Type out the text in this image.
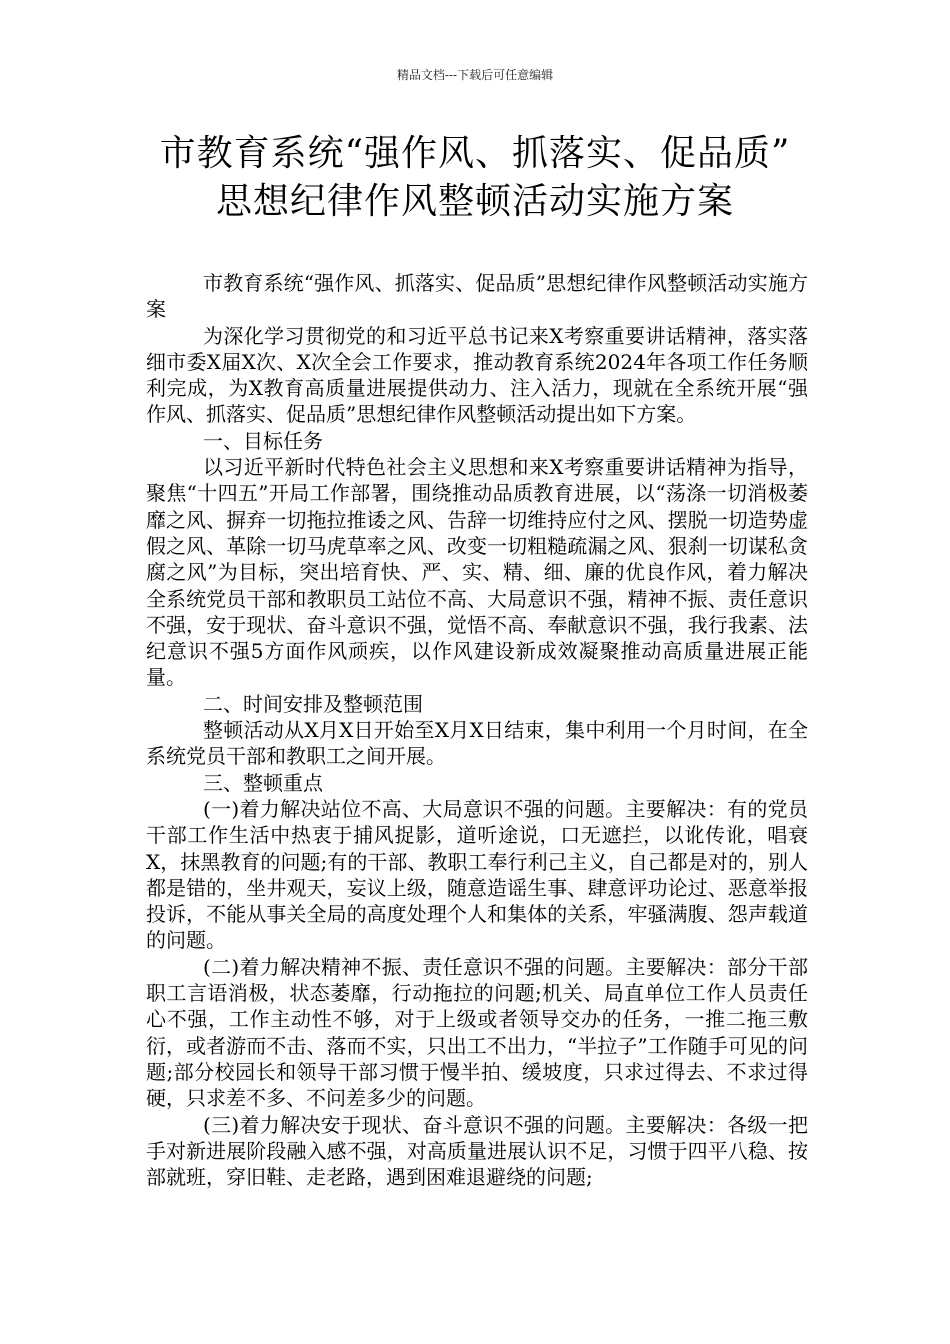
精品文档---下载后可任意编辑
市教育系统“强作风、抓落实、促品质”
思想纪律作风整顿活动实施方案

市教育系统“强作风、抓落实、促品质”思想纪律作风整顿活动实施方案

为深化学习贯彻党的和习近平总书记来X考察重要讲话精神，落实落细市委X届X次、X次全会工作要求，推动教育系统2024年各项工作任务顺利完成，为X教育高质量进展提供动力、注入活力，现就在全系统开展“强作风、抓落实、促品质”思想纪律作风整顿活动提出如下方案。

一、目标任务

以习近平新时代特色社会主义思想和来X考察重要讲话精神为指导，聚焦“十四五”开局工作部署，围绕推动品质教育进展，以“荡涤一切消极萎靡之风、摒弃一切拖拉推诿之风、告辞一切维持应付之风、摆脱一切造势虚假之风、革除一切马虎草率之风、改变一切粗糙疏漏之风、狠刹一切谋私贪腐之风”为目标，突出培育快、严、实、精、细、廉的优良作风，着力解决全系统党员干部和教职员工站位不高、大局意识不强，精神不振、责任意识不强，安于现状、奋斗意识不强，觉悟不高、奉献意识不强，我行我素、法纪意识不强5方面作风顽疾，以作风建设新成效凝聚推动高质量进展正能量。

二、时间安排及整顿范围

整顿活动从X月X日开始至X月X日结束，集中利用一个月时间，在全系统党员干部和教职工之间开展。

三、整顿重点

(一)着力解决站位不高、大局意识不强的问题。主要解决：有的党员干部工作生活中热衷于捕风捉影，道听途说，口无遮拦，以讹传讹，唱衰X，抹黑教育的问题;有的干部、教职工奉行利己主义，自己都是对的，别人都是错的，坐井观天，妄议上级，随意造谣生事、肆意评功论过、恶意举报投诉，不能从事关全局的高度处理个人和集体的关系，牢骚满腹、怨声载道的问题。

(二)着力解决精神不振、责任意识不强的问题。主要解决：部分干部职工言语消极，状态萎靡，行动拖拉的问题;机关、局直单位工作人员责任心不强，工作主动性不够，对于上级或者领导交办的任务，一推二拖三敷衍，或者游而不击、落而不实，只出工不出力，“半拉子”工作随手可见的问题;部分校园长和领导干部习惯于慢半拍、缓坡度，只求过得去、不求过得硬，只求差不多、不问差多少的问题。

(三)着力解决安于现状、奋斗意识不强的问题。主要解决：各级一把手对新进展阶段融入感不强，对高质量进展认识不足，习惯于四平八稳、按部就班，穿旧鞋、走老路，遇到困难退避绕的问题;
